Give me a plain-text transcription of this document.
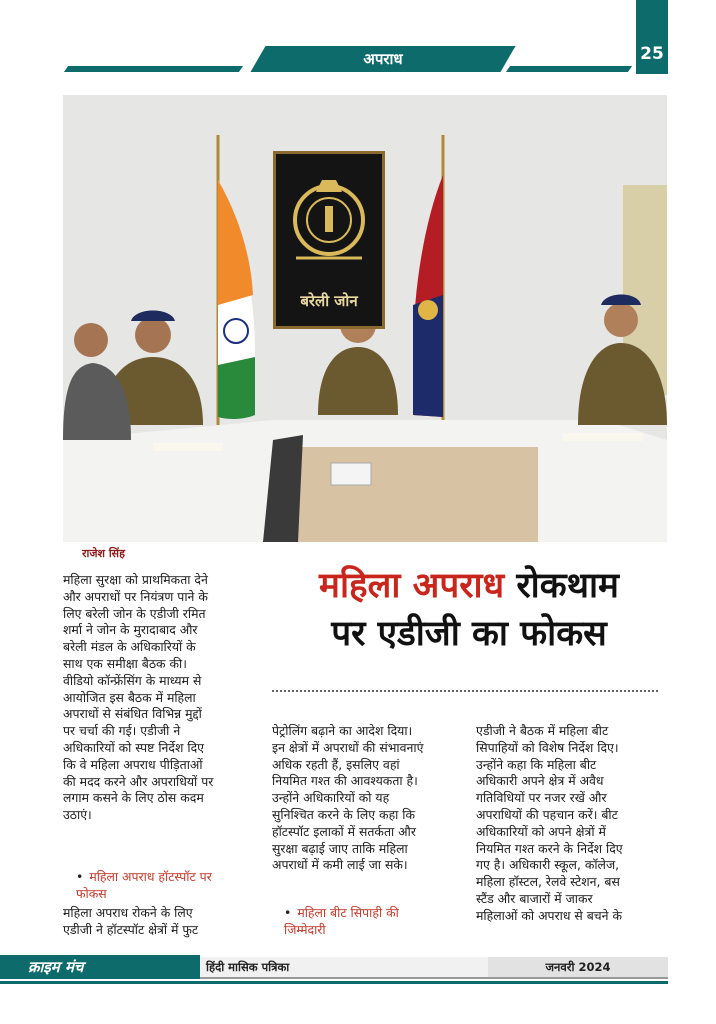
अपराध	25
बरेली जोन
राजेश सिंह
महिला अपराध रोकथाम
पर एडीजी का फोकस
महिला सुरक्षा को प्राथमिकता देने
और अपराधों पर नियंत्रण पाने के
लिए बरेली जोन के एडीजी रमित
शर्मा ने जोन के मुरादाबाद और
बरेली मंडल के अधिकारियों के
साथ एक समीक्षा बैठक की।
वीडियो कॉन्फ्रेंसिंग के माध्यम से
आयोजित इस बैठक में महिला
अपराधों से संबंधित विभिन्न मुद्दों
पर चर्चा की गई। एडीजी ने
अधिकारियों को स्पष्ट निर्देश दिए
कि वे महिला अपराध पीड़िताओं
की मदद करने और अपराधियों पर
लगाम कसने के लिए ठोस कदम
उठाएं।
• महिला अपराध हॉटस्पॉट पर
फोकस
महिला अपराध रोकने के लिए
एडीजी ने हॉटस्पॉट क्षेत्रों में फुट
पेट्रोलिंग बढ़ाने का आदेश दिया।
इन क्षेत्रों में अपराधों की संभावनाएं
अधिक रहती हैं, इसलिए वहां
नियमित गश्त की आवश्यकता है।
उन्होंने अधिकारियों को यह
सुनिश्चित करने के लिए कहा कि
हॉटस्पॉट इलाकों में सतर्कता और
सुरक्षा बढ़ाई जाए ताकि महिला
अपराधों में कमी लाई जा सके।
• महिला बीट सिपाही की
जिम्मेदारी
एडीजी ने बैठक में महिला बीट
सिपाहियों को विशेष निर्देश दिए।
उन्होंने कहा कि महिला बीट
अधिकारी अपने क्षेत्र में अवैध
गतिविधियों पर नजर रखें और
अपराधियों की पहचान करें। बीट
अधिकारियों को अपने क्षेत्रों में
नियमित गश्त करने के निर्देश दिए
गए है। अधिकारी स्कूल, कॉलेज,
महिला हॉस्टल, रेलवे स्टेशन, बस
स्टैंड और बाजारों में जाकर
महिलाओं को अपराध से बचने के
क्राइम मंच	हिंदी मासिक पत्रिका	जनवरी 2024
